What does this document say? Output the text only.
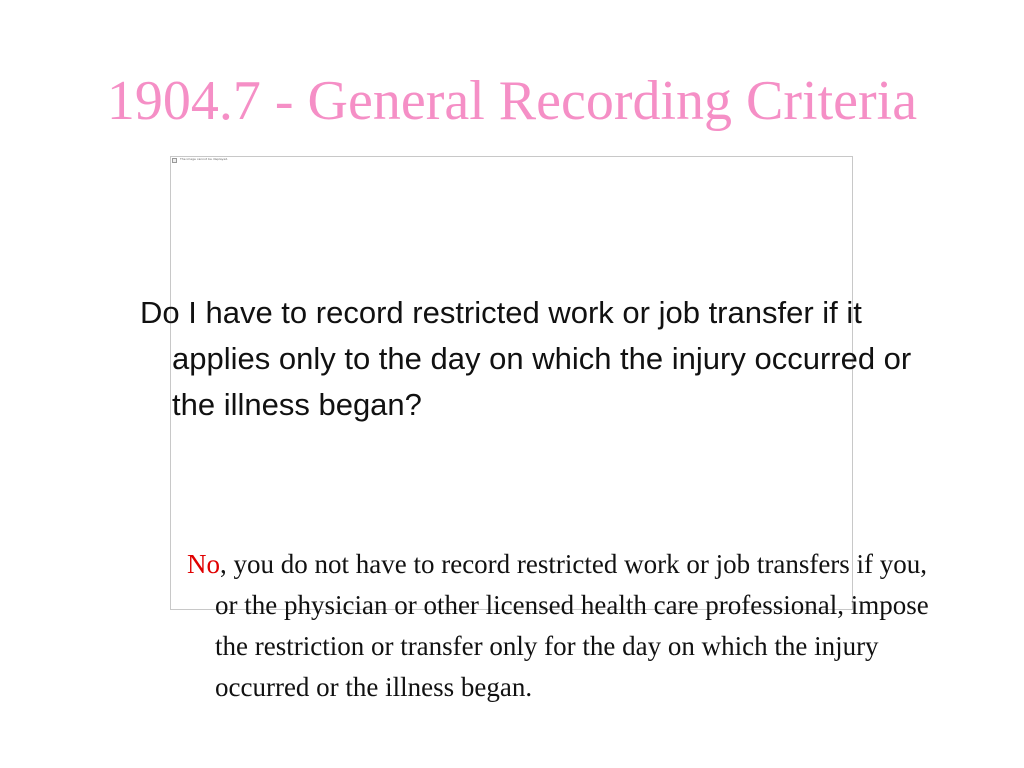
1904.7 - General Recording Criteria
The image cannot be displayed.

Do I have to record restricted work or job transfer if it applies only to the day on which the injury occurred or the illness began?

No, you do not have to record restricted work or job transfers if you, or the physician or other licensed health care professional, impose the restriction or transfer only for the day on which the injury occurred or the illness began.
